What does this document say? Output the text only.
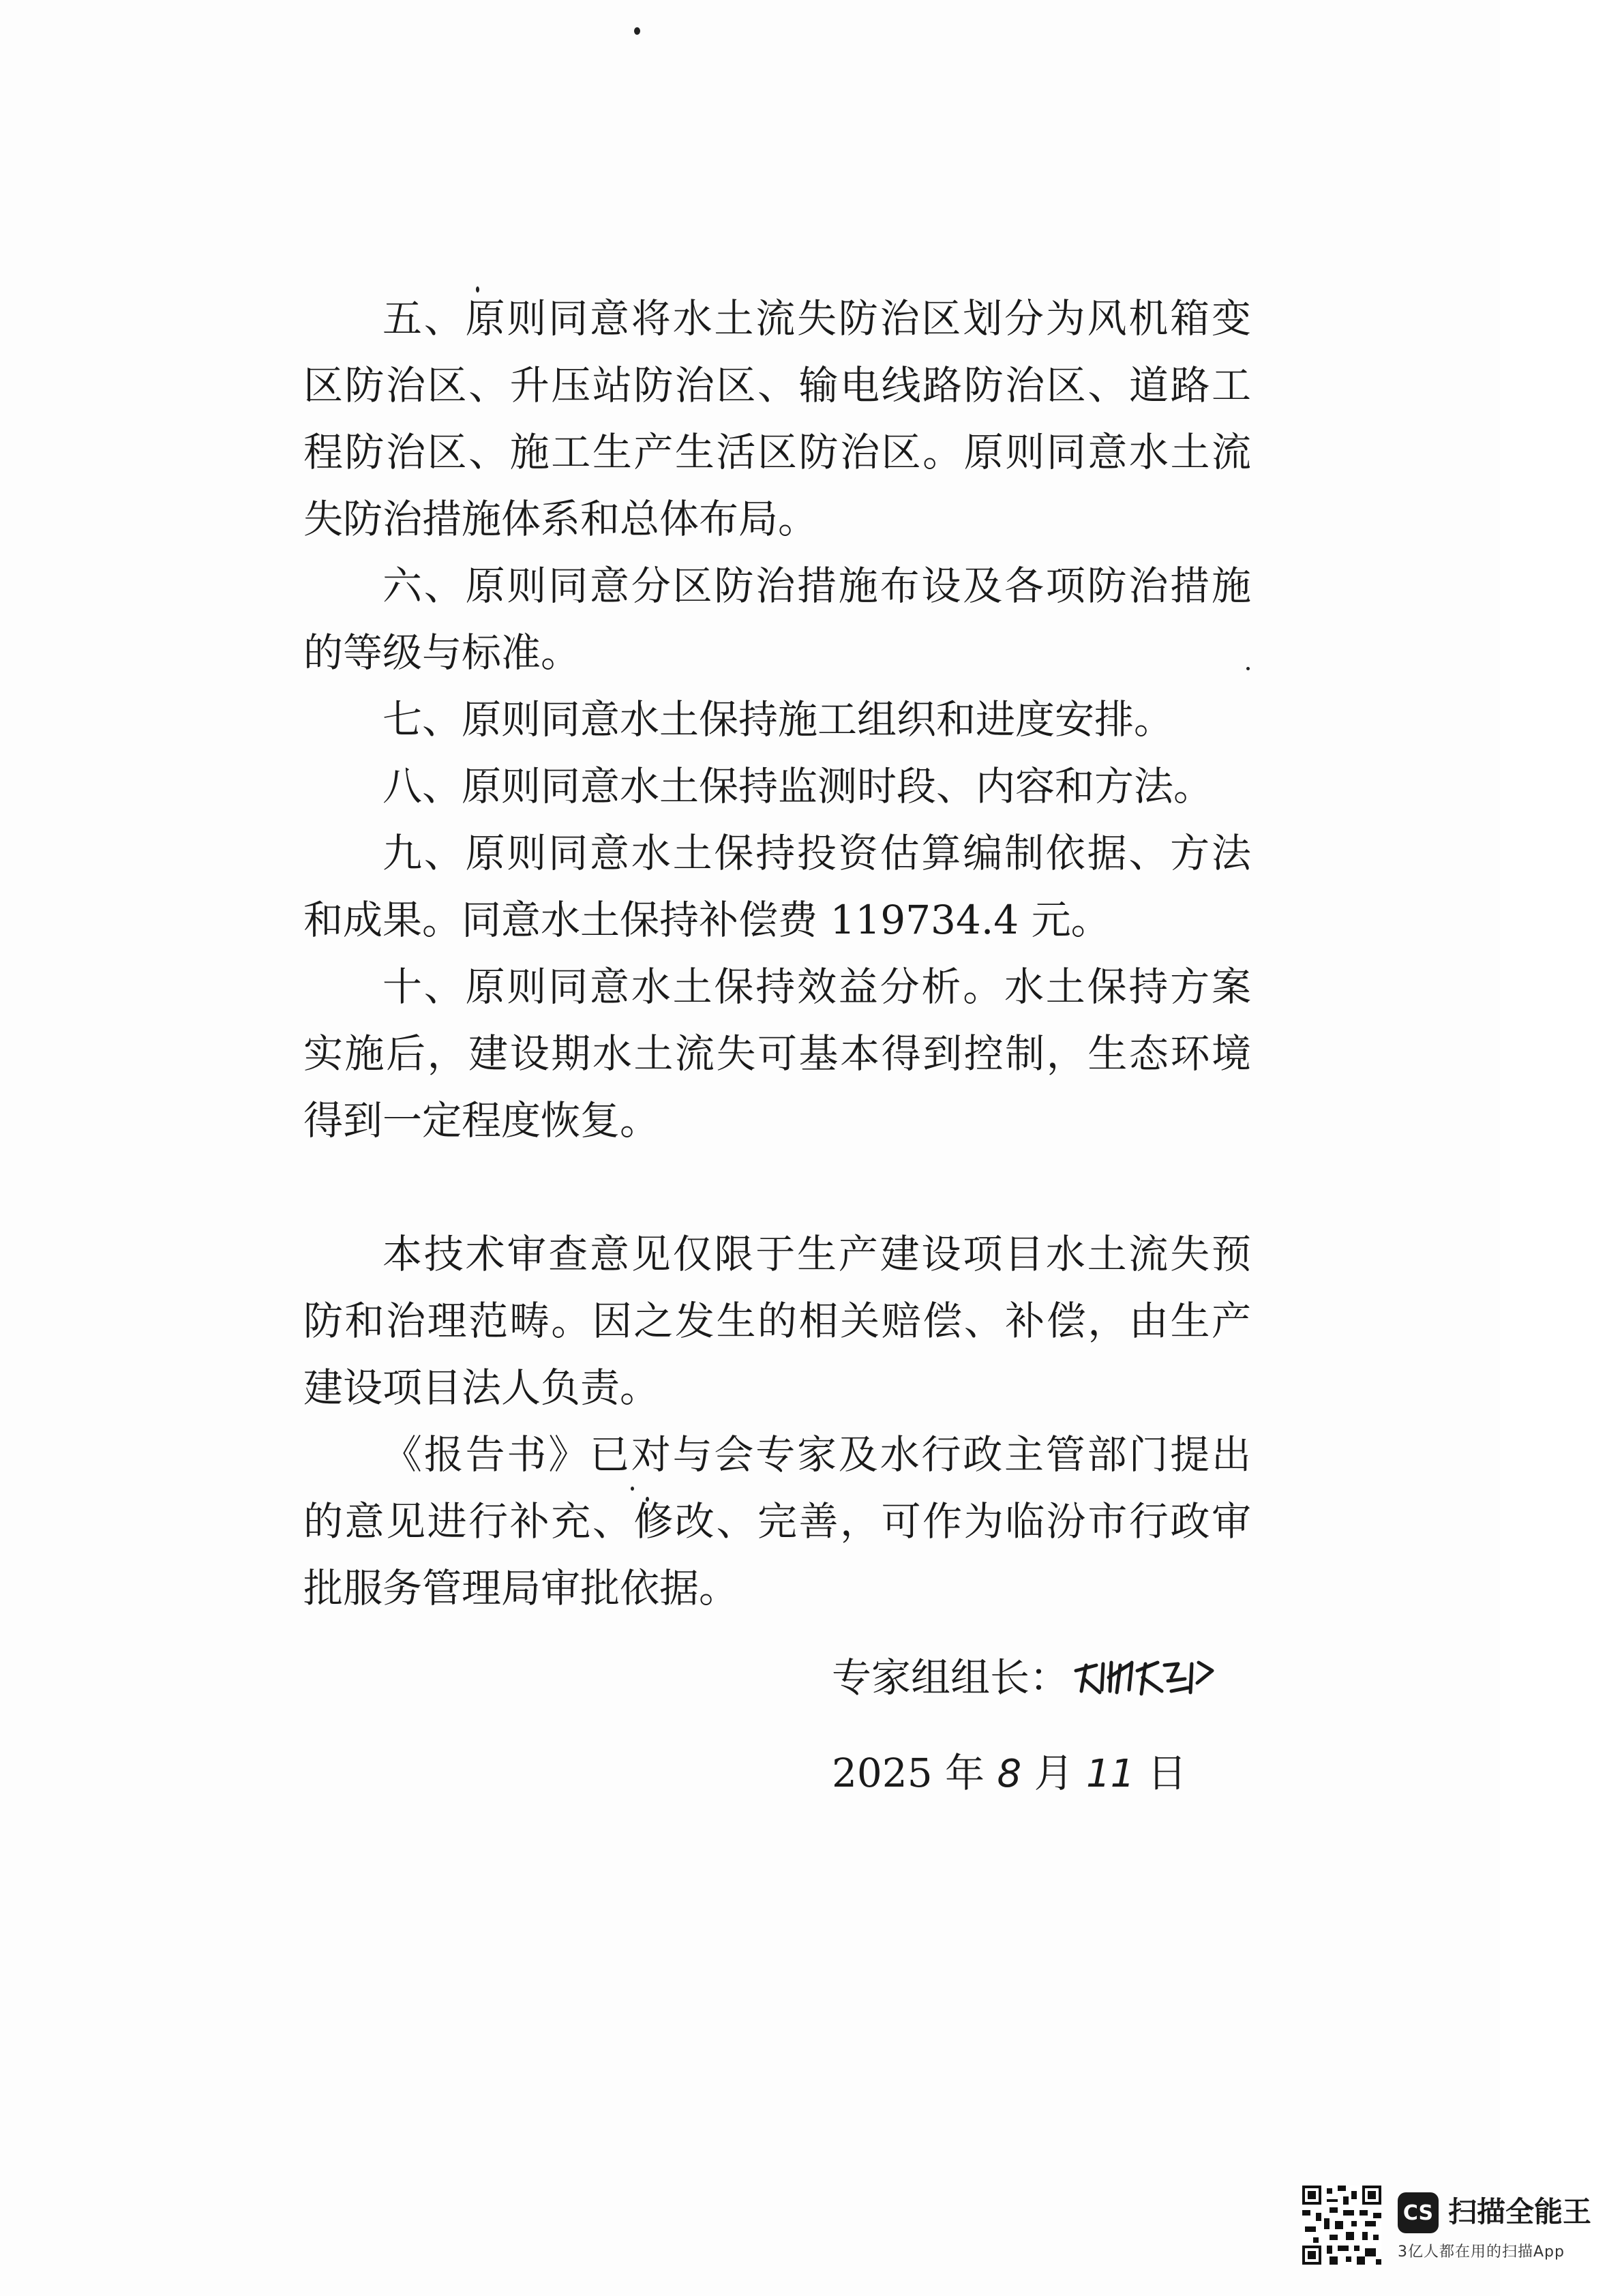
五、原则同意将水土流失防治区划分为风机箱变区防治区、升压站防治区、输电线路防治区、道路工程防治区、施工生产生活区防治区。原则同意水土流失防治措施体系和总体布局。

六、原则同意分区防治措施布设及各项防治措施的等级与标准。

七、原则同意水土保持施工组织和进度安排。

八、原则同意水土保持监测时段、内容和方法。

九、原则同意水土保持投资估算编制依据、方法和成果。同意水土保持补偿费 119734.4 元。

十、原则同意水土保持效益分析。水土保持方案实施后，建设期水土流失可基本得到控制，生态环境得到一定程度恢复。

本技术审查意见仅限于生产建设项目水土流失预防和治理范畴。因之发生的相关赔偿、补偿，由生产建设项目法人负责。

《报告书》已对与会专家及水行政主管部门提出的意见进行补充、修改、完善，可作为临汾市行政审批服务管理局审批依据。

专家组组长：
2025 年 8 月 11 日
CS 扫描全能王
3亿人都在用的扫描App
